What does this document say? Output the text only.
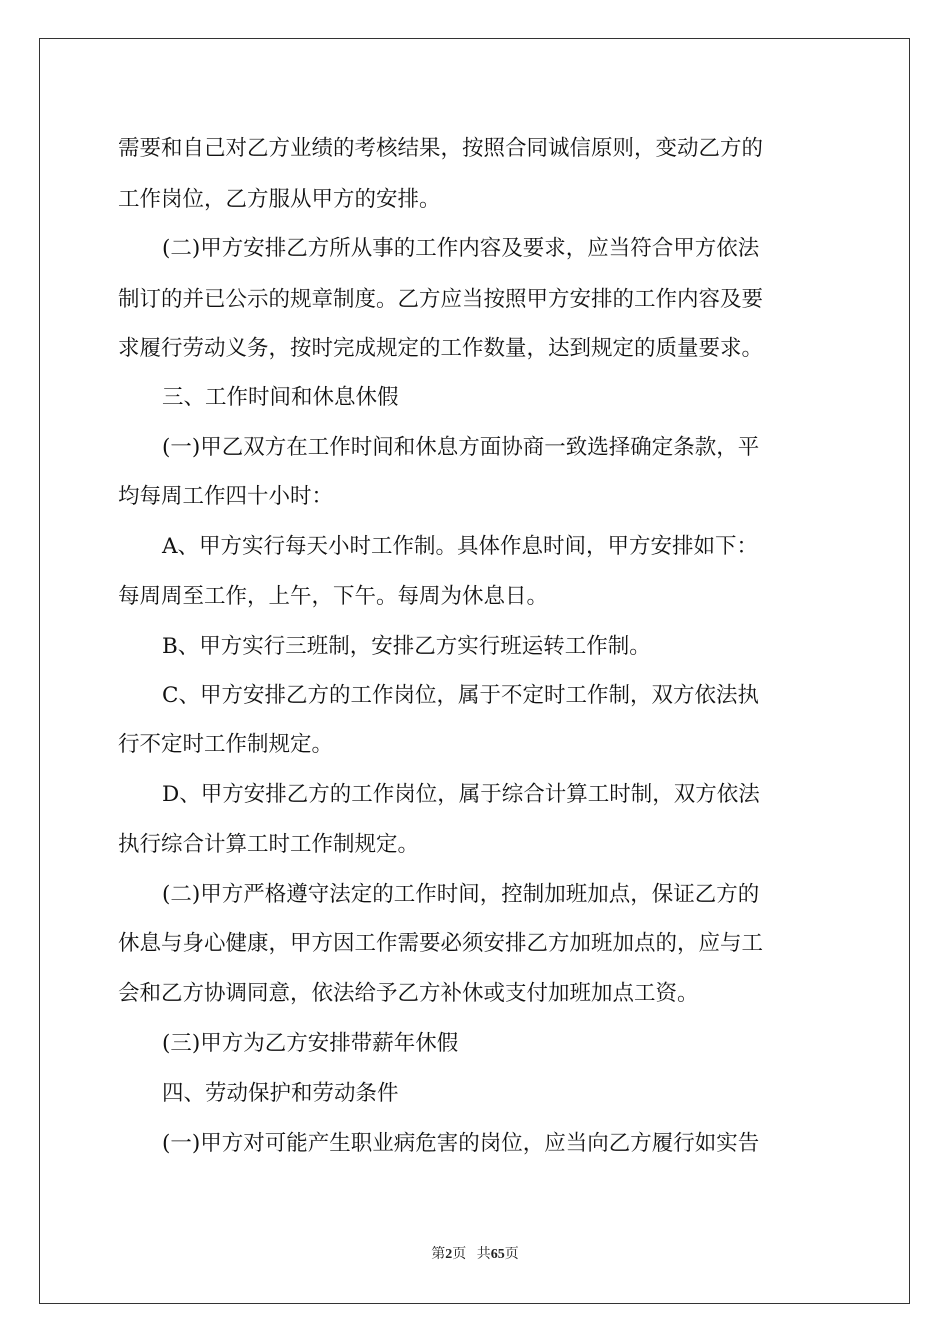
需要和自己对乙方业绩的考核结果，按照合同诚信原则，变动乙方的
工作岗位，乙方服从甲方的安排。
(二)甲方安排乙方所从事的工作内容及要求，应当符合甲方依法
制订的并已公示的规章制度。乙方应当按照甲方安排的工作内容及要
求履行劳动义务，按时完成规定的工作数量，达到规定的质量要求。
三、工作时间和休息休假
(一)甲乙双方在工作时间和休息方面协商一致选择确定条款，平
均每周工作四十小时：
A、甲方实行每天小时工作制。具体作息时间，甲方安排如下：
每周周至工作，上午，下午。每周为休息日。
B、甲方实行三班制，安排乙方实行班运转工作制。
C、甲方安排乙方的工作岗位，属于不定时工作制，双方依法执
行不定时工作制规定。
D、甲方安排乙方的工作岗位，属于综合计算工时制，双方依法
执行综合计算工时工作制规定。
(二)甲方严格遵守法定的工作时间，控制加班加点，保证乙方的
休息与身心健康，甲方因工作需要必须安排乙方加班加点的，应与工
会和乙方协调同意，依法给予乙方补休或支付加班加点工资。
(三)甲方为乙方安排带薪年休假
四、劳动保护和劳动条件
(一)甲方对可能产生职业病危害的岗位，应当向乙方履行如实告
第2页 共65页
